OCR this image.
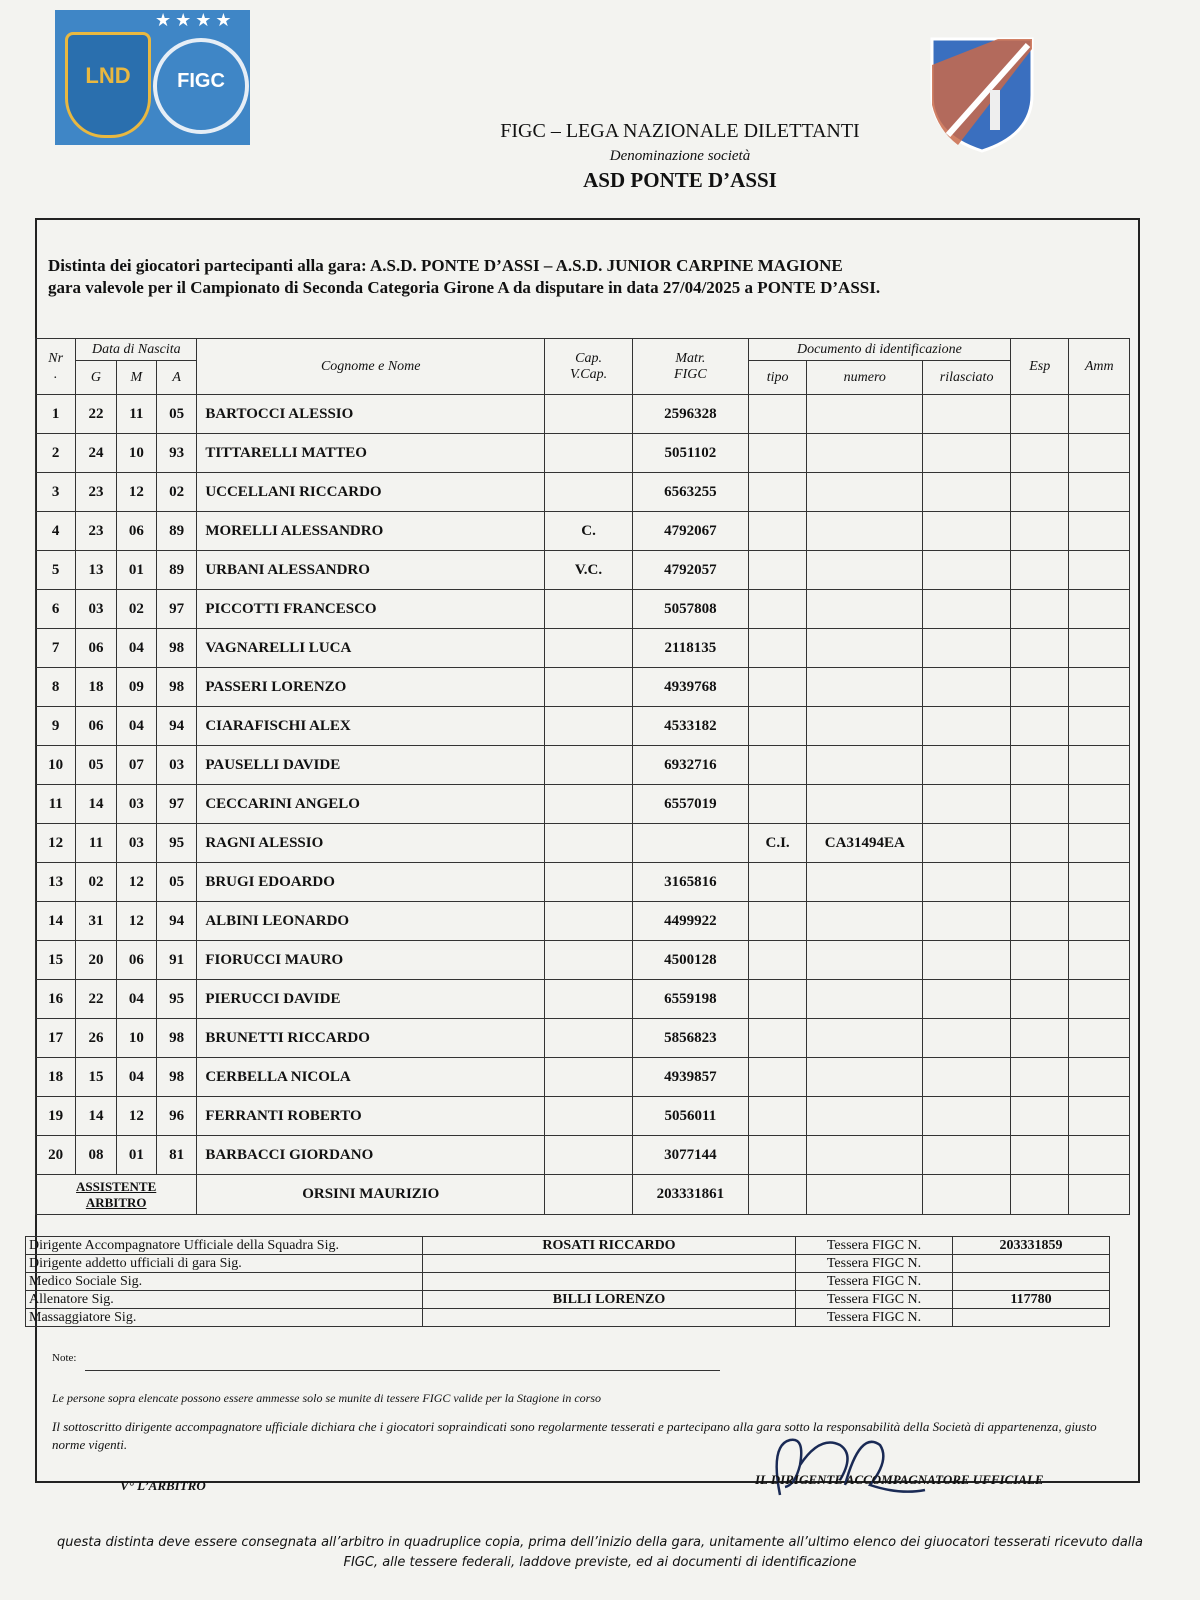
★★★★
LND	FIGC
FIGC – LEGA NAZIONALE DILETTANTI
Denominazione società
ASD PONTE D’ASSI
Distinta dei giocatori partecipanti alla gara: A.S.D. PONTE D’ASSI – A.S.D. JUNIOR CARPINE MAGIONE
gara valevole per il Campionato di Seconda Categoria Girone A da disputare in data 27/04/2025 a PONTE D’ASSI.
Nr
.	Data di Nascita			Cognome e Nome	Cap.
V.Cap.	Matr.
FIGC	Documento di identificazione			Esp	Amm
	G	M	A				tipo	numero	rilasciato		
1	22	11	05	BARTOCCI ALESSIO		2596328					
2	24	10	93	TITTARELLI MATTEO		5051102					
3	23	12	02	UCCELLANI RICCARDO		6563255					
4	23	06	89	MORELLI ALESSANDRO	C.	4792067					
5	13	01	89	URBANI ALESSANDRO	V.C.	4792057					
6	03	02	97	PICCOTTI FRANCESCO		5057808					
7	06	04	98	VAGNARELLI LUCA		2118135					
8	18	09	98	PASSERI LORENZO		4939768					
9	06	04	94	CIARAFISCHI ALEX		4533182					
10	05	07	03	PAUSELLI DAVIDE		6932716					
11	14	03	97	CECCARINI ANGELO		6557019					
12	11	03	95	RAGNI ALESSIO			C.I.	CA31494EA			
13	02	12	05	BRUGI EDOARDO		3165816					
14	31	12	94	ALBINI LEONARDO		4499922					
15	20	06	91	FIORUCCI MAURO		4500128					
16	22	04	95	PIERUCCI DAVIDE		6559198					
17	26	10	98	BRUNETTI RICCARDO		5856823					
18	15	04	98	CERBELLA NICOLA		4939857					
19	14	12	96	FERRANTI ROBERTO		5056011					
20	08	01	81	BARBACCI GIORDANO		3077144					
ASSISTENTE
ARBITRO				ORSINI MAURIZIO		203331861					
Dirigente Accompagnatore Ufficiale della Squadra Sig.	ROSATI RICCARDO	Tessera FIGC N.	203331859
Dirigente addetto ufficiali di gara Sig.		Tessera FIGC N.	
Medico Sociale Sig.		Tessera FIGC N.	
Allenatore Sig.	BILLI LORENZO	Tessera FIGC N.	117780
Massaggiatore Sig.		Tessera FIGC N.	
Note:
Le persone sopra elencate possono essere ammesse solo se munite di tessere FIGC valide per la Stagione in corso
Il sottoscritto dirigente accompagnatore ufficiale dichiara che i giocatori sopraindicati sono regolarmente tesserati e partecipano alla gara sotto la responsabilità della Società di appartenenza, giusto norme vigenti.
V° L’ARBITRO	IL DIRIGENTE ACCOMPAGNATORE UFFICIALE
questa distinta deve essere consegnata all’arbitro in quadruplice copia, prima dell’inizio della gara, unitamente all’ultimo elenco dei giuocatori tesserati ricevuto dalla FIGC, alle tessere federali, laddove previste, ed ai documenti di identificazione
